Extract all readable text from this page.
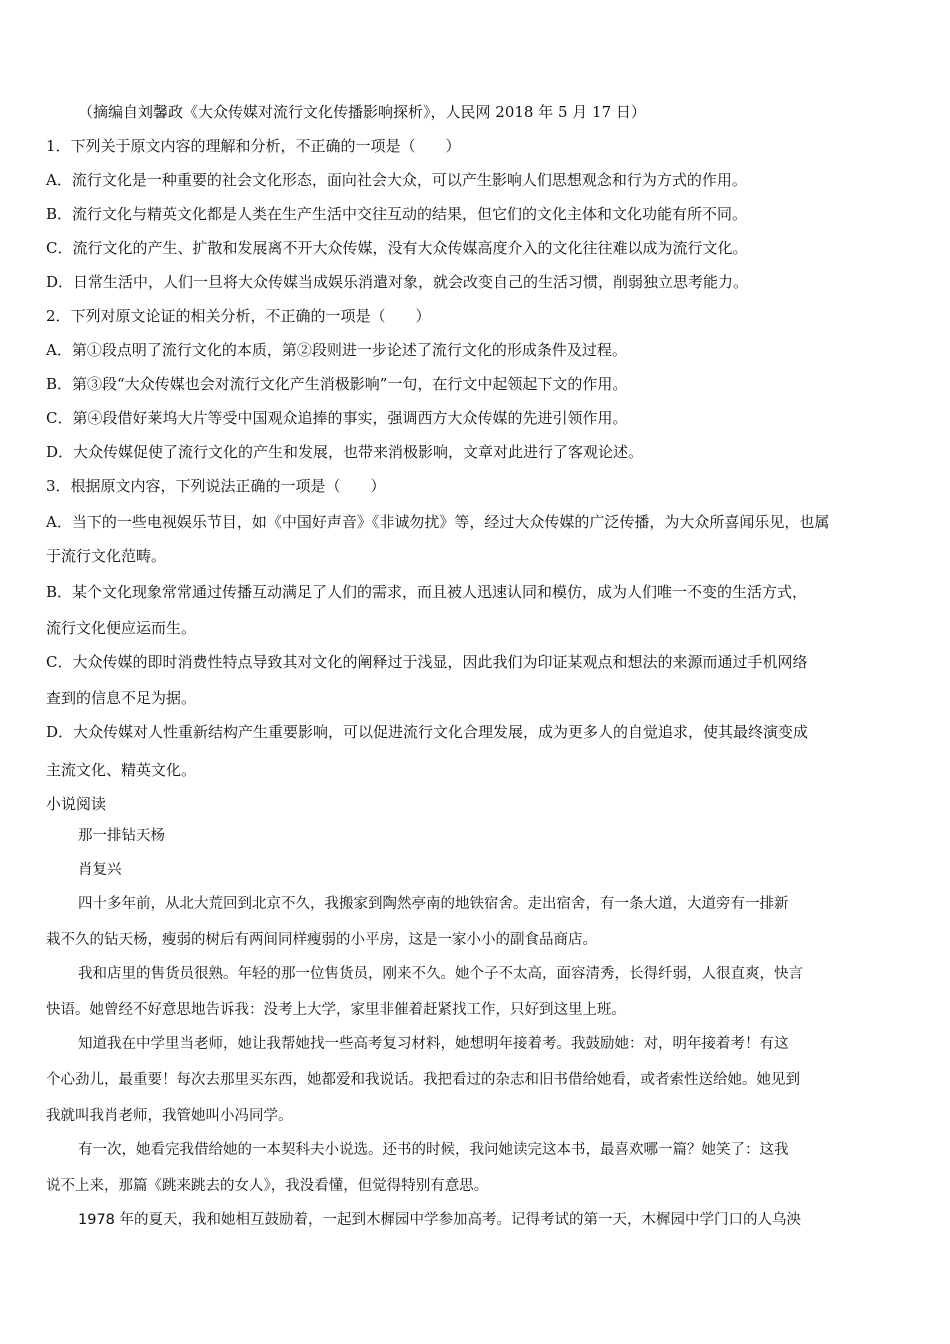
（摘编自刘馨政《大众传媒对流行文化传播影响探析》，人民网 2018 年 5 月 17 日）
1．下列关于原文内容的理解和分析，不正确的一项是（　　）
A．流行文化是一种重要的社会文化形态，面向社会大众，可以产生影响人们思想观念和行为方式的作用。
B．流行文化与精英文化都是人类在生产生活中交往互动的结果，但它们的文化主体和文化功能有所不同。
C．流行文化的产生、扩散和发展离不开大众传媒，没有大众传媒高度介入的文化往往难以成为流行文化。
D．日常生活中，人们一旦将大众传媒当成娱乐消遣对象，就会改变自己的生活习惯，削弱独立思考能力。
2．下列对原文论证的相关分析，不正确的一项是（　　）
A．第①段点明了流行文化的本质，第②段则进一步论述了流行文化的形成条件及过程。
B．第③段“大众传媒也会对流行文化产生消极影响”一句，在行文中起领起下文的作用。
C．第④段借好莱坞大片等受中国观众追捧的事实，强调西方大众传媒的先进引领作用。
D．大众传媒促使了流行文化的产生和发展，也带来消极影响，文章对此进行了客观论述。
3．根据原文内容，下列说法正确的一项是（　　）
A．当下的一些电视娱乐节目，如《中国好声音》《非诚勿扰》等，经过大众传媒的广泛传播，为大众所喜闻乐见，也属
于流行文化范畴。
B．某个文化现象常常通过传播互动满足了人们的需求，而且被人迅速认同和模仿，成为人们唯一不变的生活方式，
流行文化便应运而生。
C．大众传媒的即时消费性特点导致其对文化的阐释过于浅显，因此我们为印证某观点和想法的来源而通过手机网络
查到的信息不足为据。
D．大众传媒对人性重新结构产生重要影响，可以促进流行文化合理发展，成为更多人的自觉追求，使其最终演变成
主流文化、精英文化。
小说阅读
那一排钻天杨
肖复兴
四十多年前，从北大荒回到北京不久，我搬家到陶然亭南的地铁宿舍。走出宿舍，有一条大道，大道旁有一排新
栽不久的钻天杨，瘦弱的树后有两间同样瘦弱的小平房，这是一家小小的副食品商店。
我和店里的售货员很熟。年轻的那一位售货员，刚来不久。她个子不太高，面容清秀，长得纤弱，人很直爽，快言
快语。她曾经不好意思地告诉我：没考上大学，家里非催着赶紧找工作，只好到这里上班。
知道我在中学里当老师，她让我帮她找一些高考复习材料，她想明年接着考。我鼓励她：对，明年接着考！有这
个心劲儿，最重要！每次去那里买东西，她都爱和我说话。我把看过的杂志和旧书借给她看，或者索性送给她。她见到
我就叫我肖老师，我管她叫小冯同学。
有一次，她看完我借给她的一本契科夫小说选。还书的时候，我问她读完这本书，最喜欢哪一篇？她笑了：这我
说不上来，那篇《跳来跳去的女人》，我没看懂，但觉得特别有意思。
1978 年的夏天，我和她相互鼓励着，一起到木樨园中学参加高考。记得考试的第一天，木樨园中学门口的人乌泱
